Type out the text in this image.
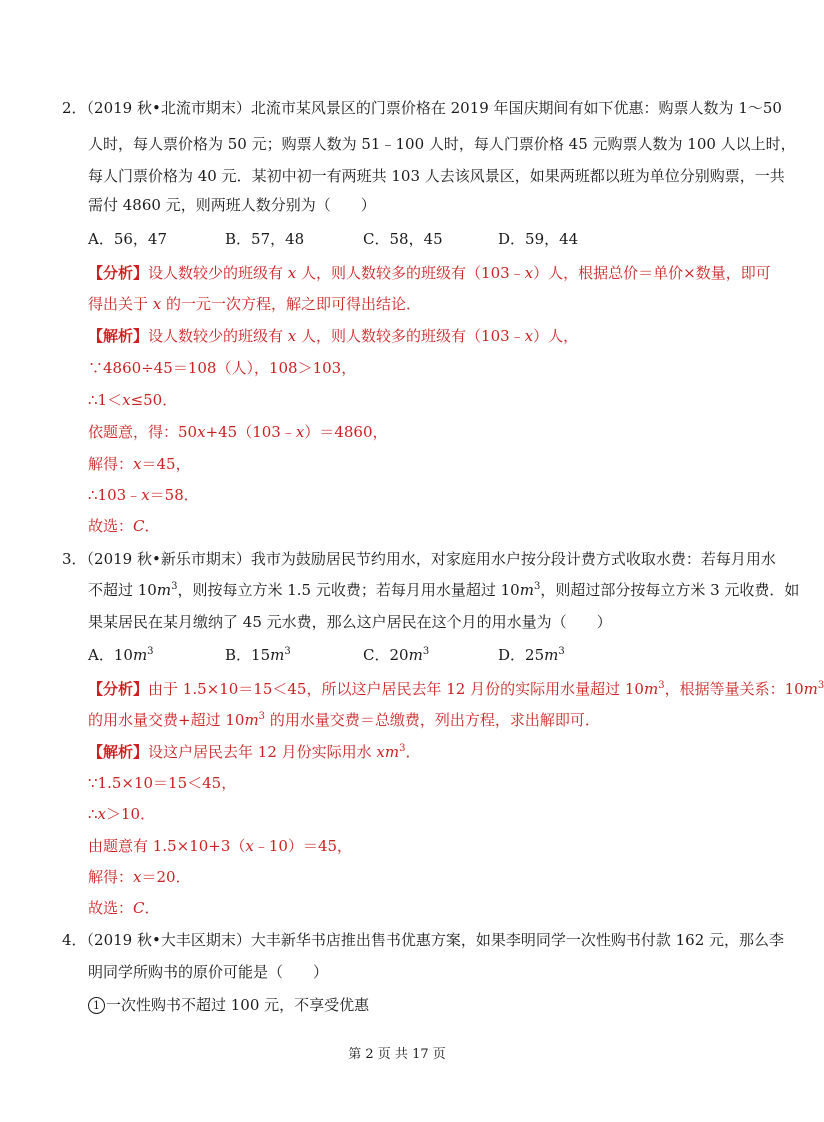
2．（2019 秋•北流市期末）北流市某风景区的门票价格在 2019 年国庆期间有如下优惠：购票人数为 1～50
人时，每人票价格为 50 元；购票人数为 51﹣100 人时，每人门票价格 45 元购票人数为 100 人以上时，
每人门票价格为 40 元．某初中初一有两班共 103 人去该风景区，如果两班都以班为单位分别购票，一共
需付 4860 元，则两班人数分别为（　　）
A．56，47	B．57，48	C．58，45	D．59，44
【分析】设人数较少的班级有 x 人，则人数较多的班级有（103﹣x）人，根据总价＝单价×数量，即可
得出关于 x 的一元一次方程，解之即可得出结论．
【解析】设人数较少的班级有 x 人，则人数较多的班级有（103﹣x）人，
∵4860÷45＝108（人），108＞103，
∴1＜x≤50．
依题意，得：50x+45（103﹣x）＝4860，
解得：x＝45，
∴103﹣x＝58．
故选：C．
3．（2019 秋•新乐市期末）我市为鼓励居民节约用水，对家庭用水户按分段计费方式收取水费：若每月用水
不超过 $10m^3$，则按每立方米 1.5 元收费；若每月用水量超过 $10m^3$，则超过部分按每立方米 3 元收费．如
果某居民在某月缴纳了 45 元水费，那么这户居民在这个月的用水量为（　　）
A．$10m^3$	B．$15m^3$	C．$20m^3$	D．$25m^3$
【分析】由于 1.5×10＝15＜45，所以这户居民去年 12 月份的实际用水量超过 $10m^3$，根据等量关系：$10m^3$
的用水量交费+超过 $10m^3$ 的用水量交费＝总缴费，列出方程，求出解即可．
【解析】设这户居民去年 12 月份实际用水 $xm^3$．
∵1.5×10＝15＜45，
∴x＞10．
由题意有 1.5×10+3（x﹣10）＝45，
解得：x＝20．
故选：C．
4．（2019 秋•大丰区期末）大丰新华书店推出售书优惠方案，如果李明同学一次性购书付款 162 元，那么李
明同学所购书的原价可能是（　　）
1 一次性购书不超过 100 元，不享受优惠
第 2 页 共 17 页
